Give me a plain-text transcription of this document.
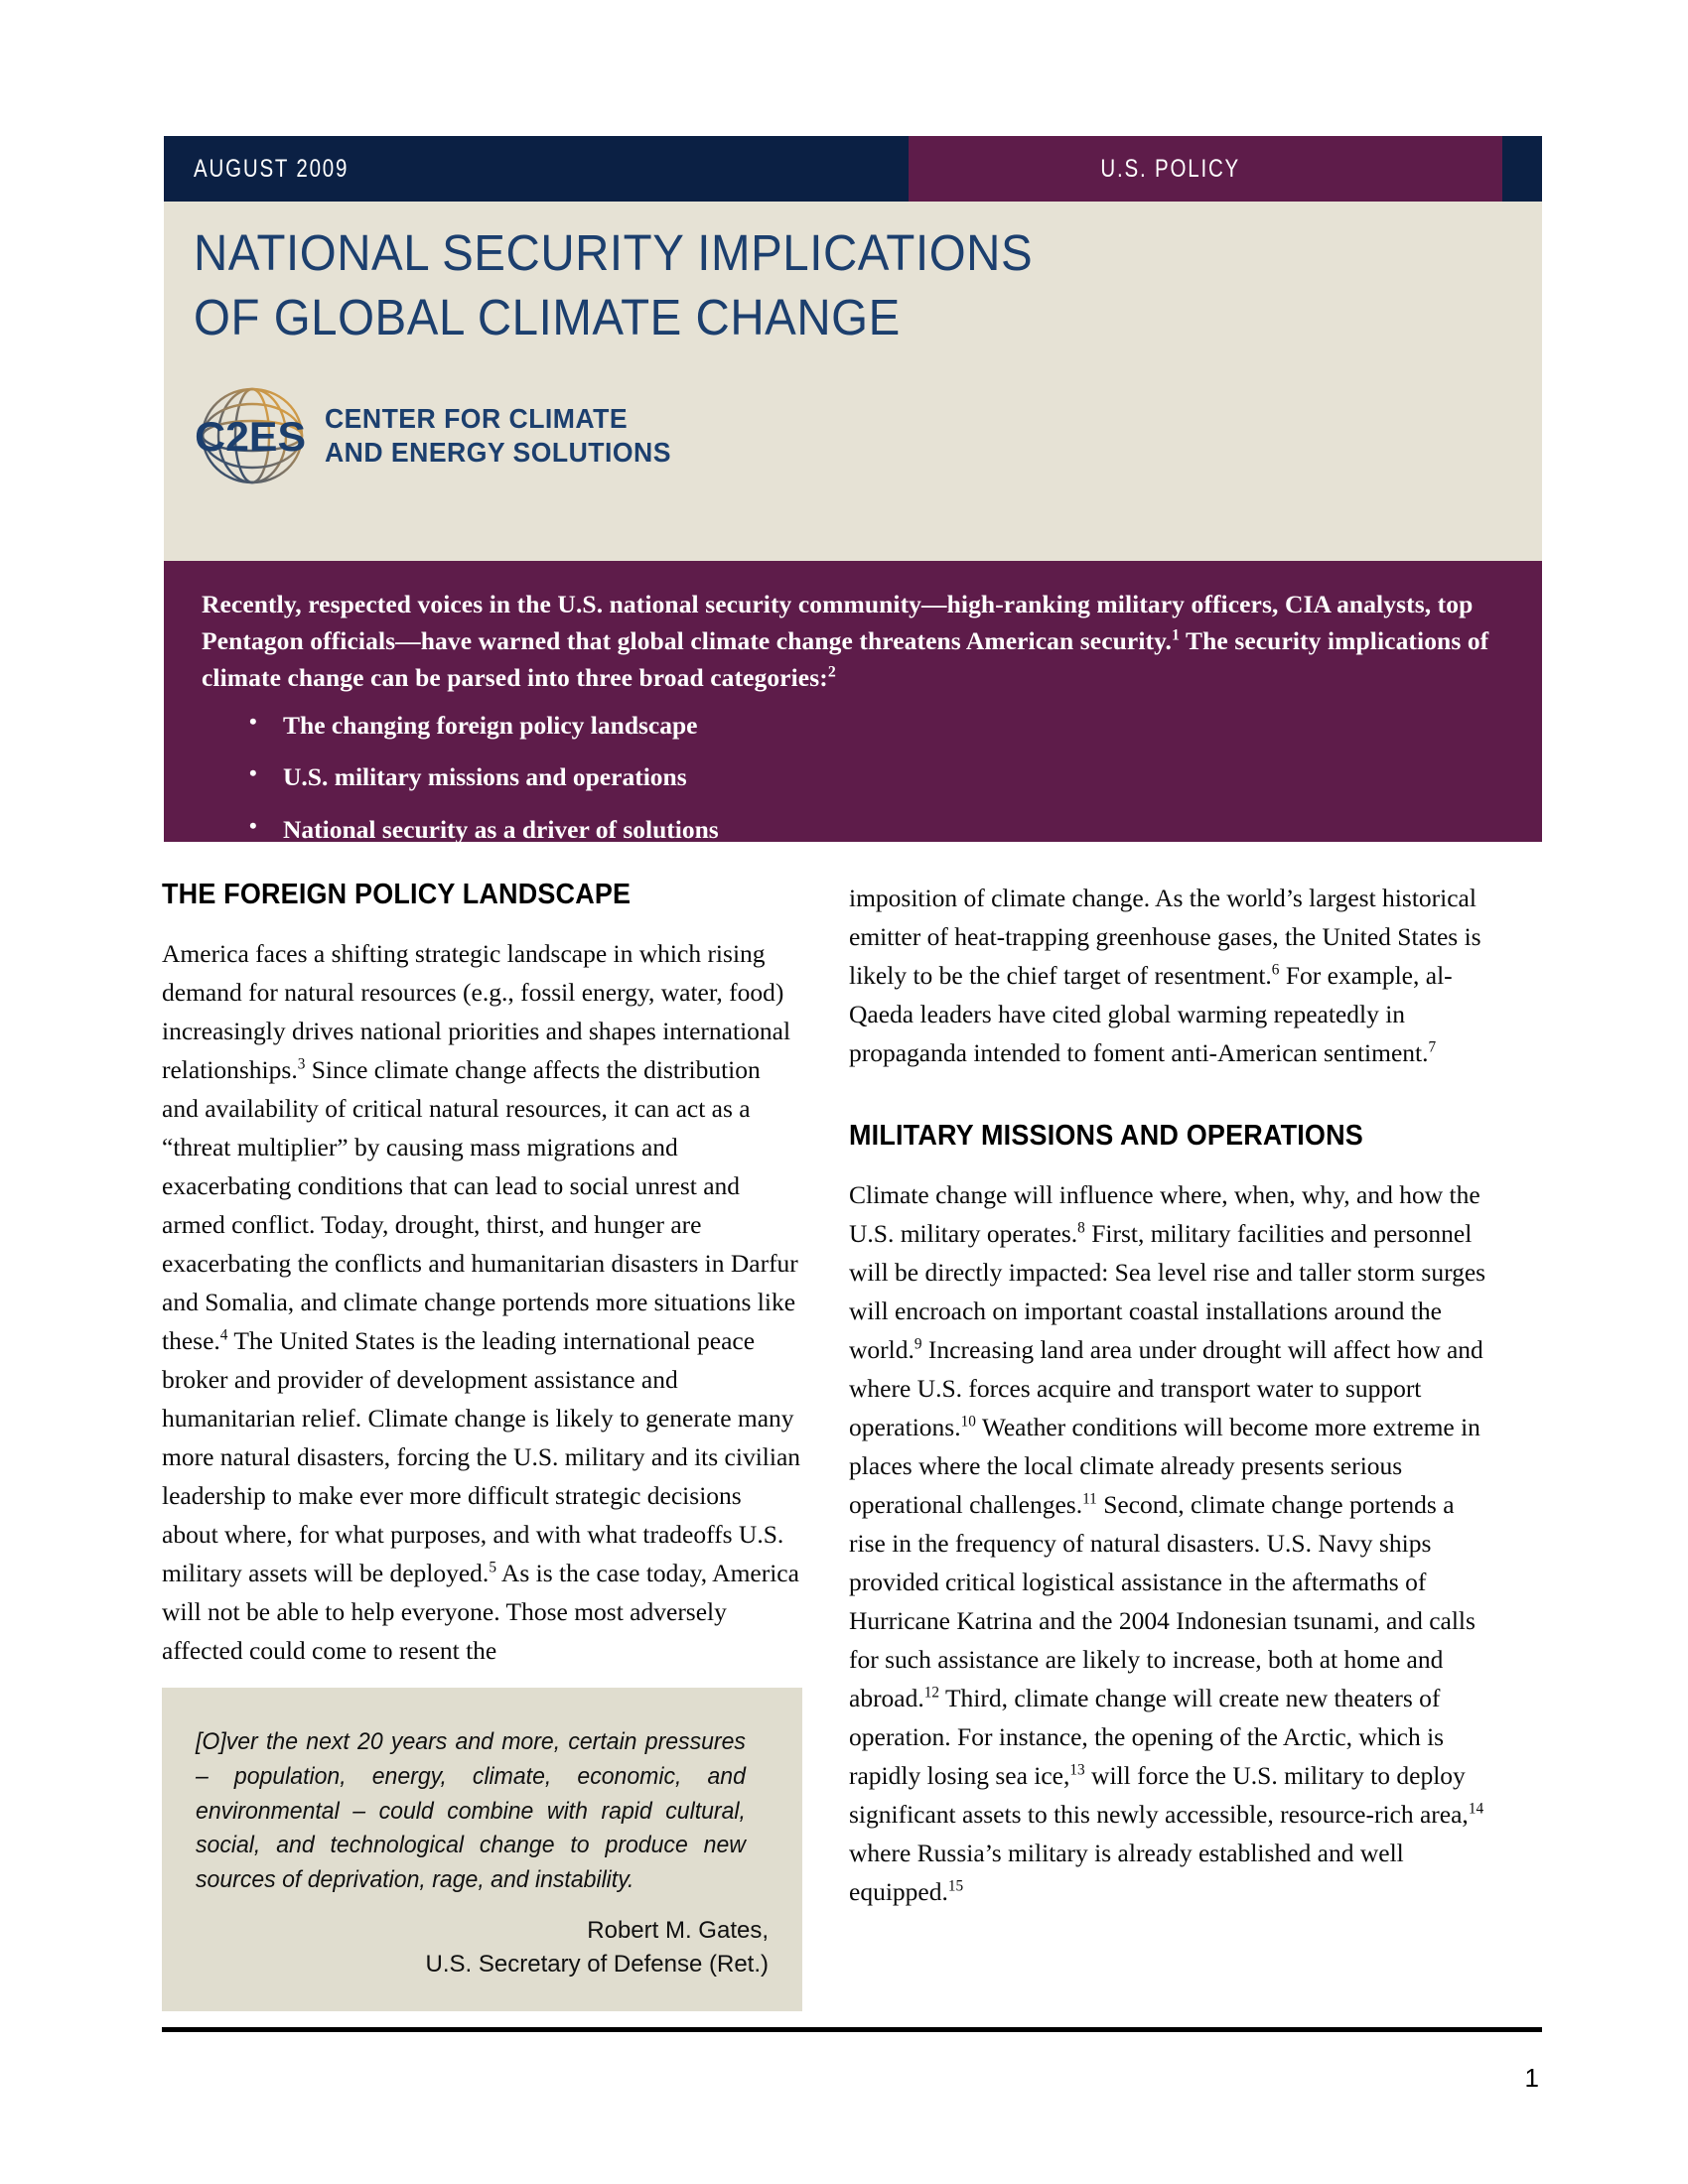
AUGUST 2009	U.S. POLICY
NATIONAL SECURITY IMPLICATIONS
OF GLOBAL CLIMATE CHANGE
C2ES CENTER FOR CLIMATE
AND ENERGY SOLUTIONS
Recently, respected voices in the U.S. national security community—high-ranking military officers, CIA analysts, top Pentagon officials—have warned that global climate change threatens American security.$^1$ The security implications of climate change can be parsed into three broad categories:$^2$
• The changing foreign policy landscape
• U.S. military missions and operations
• National security as a driver of solutions
THE FOREIGN POLICY LANDSCAPE

America faces a shifting strategic landscape in which rising demand for natural resources (e.g., fossil energy, water, food) increasingly drives national priorities and shapes international relationships.$^3$ Since climate change affects the distribution and availability of critical natural resources, it can act as a “threat multiplier” by causing mass migrations and exacerbating conditions that can lead to social unrest and armed conflict. Today, drought, thirst, and hunger are exacerbating the conflicts and humanitarian disasters in Darfur and Somalia, and climate change portends more situations like these.$^4$ The United States is the leading international peace broker and provider of development assistance and humanitarian relief. Climate change is likely to generate many more natural disasters, forcing the U.S. military and its civilian leadership to make ever more difficult strategic decisions about where, for what purposes, and with what tradeoffs U.S. military assets will be deployed.$^5$ As is the case today, America will not be able to help everyone. Those most adversely affected could come to resent the

imposition of climate change. As the world’s largest historical emitter of heat-trapping greenhouse gases, the United States is likely to be the chief target of resentment.$^6$ For example, al-Qaeda leaders have cited global warming repeatedly in propaganda intended to foment anti-American sentiment.$^7$

MILITARY MISSIONS AND OPERATIONS

Climate change will influence where, when, why, and how the U.S. military operates.$^8$ First, military facilities and personnel will be directly impacted: Sea level rise and taller storm surges will encroach on important coastal installations around the world.$^9$ Increasing land area under drought will affect how and where U.S. forces acquire and transport water to support operations.$^{10}$ Weather conditions will become more extreme in places where the local climate already presents serious operational challenges.$^{11}$ Second, climate change portends a rise in the frequency of natural disasters. U.S. Navy ships provided critical logistical assistance in the aftermaths of Hurricane Katrina and the 2004 Indonesian tsunami, and calls for such assistance are likely to increase, both at home and abroad.$^{12}$ Third, climate change will create new theaters of operation. For instance, the opening of the Arctic, which is rapidly losing sea ice,$^{13}$ will force the U.S. military to deploy significant assets to this newly accessible, resource-rich area,$^{14}$ where Russia’s military is already established and well equipped.$^{15}$

[O]ver the next 20 years and more, certain pressures – population, energy, climate, economic, and environmental – could combine with rapid cultural, social, and technological change to produce new sources of deprivation, rage, and instability.

Robert M. Gates,
U.S. Secretary of Defense (Ret.)
1
